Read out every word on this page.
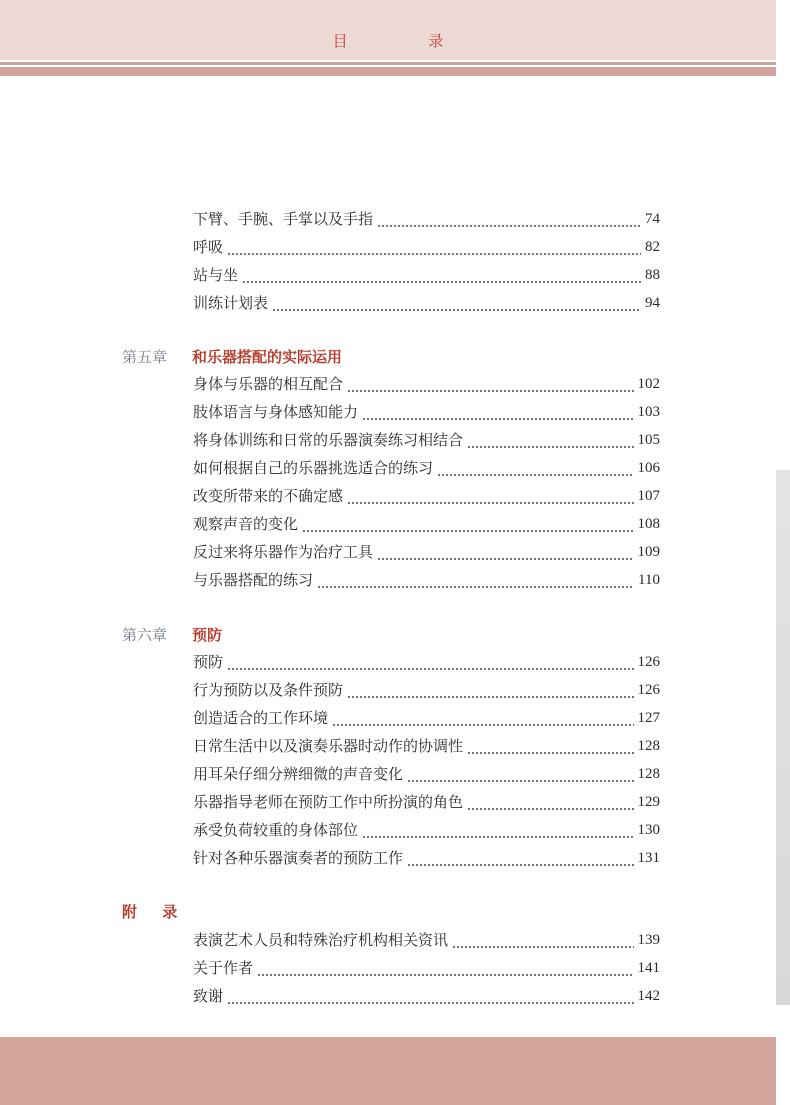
目 录
下臂、手腕、手掌以及手指	74
呼吸	82
站与坐	88
训练计划表	94
第五章	和乐器搭配的实际运用
身体与乐器的相互配合	102
肢体语言与身体感知能力	103
将身体训练和日常的乐器演奏练习相结合	105
如何根据自己的乐器挑选适合的练习	106
改变所带来的不确定感	107
观察声音的变化	108
反过来将乐器作为治疗工具	109
与乐器搭配的练习	110
第六章	预防
预防	126
行为预防以及条件预防	126
创造适合的工作环境	127
日常生活中以及演奏乐器时动作的协调性	128
用耳朵仔细分辨细微的声音变化	128
乐器指导老师在预防工作中所扮演的角色	129
承受负荷较重的身体部位	130
针对各种乐器演奏者的预防工作	131
附 录
表演艺术人员和特殊治疗机构相关资讯	139
关于作者	141
致谢	142
